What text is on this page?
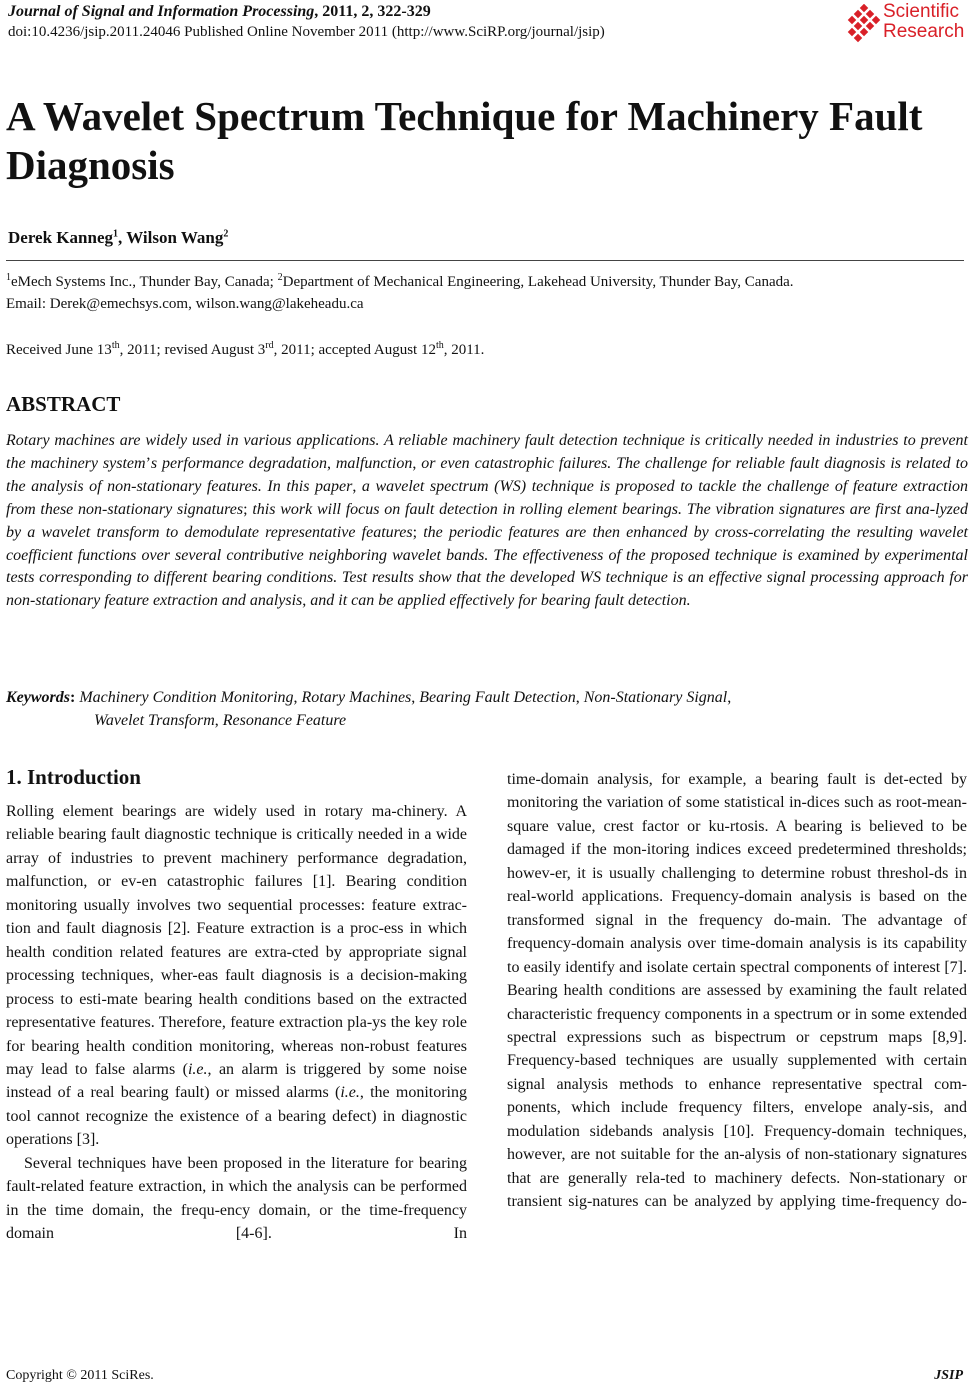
Journal of Signal and Information Processing, 2011, 2, 322-329
doi:10.4236/jsip.2011.24046 Published Online November 2011 (http://www.SciRP.org/journal/jsip)
Scientific
Research
A Wavelet Spectrum Technique for Machinery Fault Diagnosis
Derek Kanneg$^1$, Wilson Wang$^2$
$^1$eMech Systems Inc., Thunder Bay, Canada; $^2$Department of Mechanical Engineering, Lakehead University, Thunder Bay, Canada.
Email: Derek@emechsys.com, wilson.wang@lakeheadu.ca
Received June 13th, 2011; revised August 3rd, 2011; accepted August 12th, 2011.
ABSTRACT

Rotary machines are widely used in various applications. A reliable machinery fault detection technique is critically needed in industries to prevent the machinery system’s performance degradation, malfunction, or even catastrophic failures. The challenge for reliable fault diagnosis is related to the analysis of non-stationary features. In this paper, a wavelet spectrum (WS) technique is proposed to tackle the challenge of feature extraction from these non-stationary signatures; this work will focus on fault detection in rolling element bearings. The vibration signatures are first ana-lyzed by a wavelet transform to demodulate representative features; the periodic features are then enhanced by cross-correlating the resulting wavelet coefficient functions over several contributive neighboring wavelet bands. The effectiveness of the proposed technique is examined by experimental tests corresponding to different bearing conditions. Test results show that the developed WS technique is an effective signal processing approach for non-stationary feature extraction and analysis, and it can be applied effectively for bearing fault detection.

Keywords: Machinery Condition Monitoring, Rotary Machines, Bearing Fault Detection, Non-Stationary Signal,
Wavelet Transform, Resonance Feature
1. Introduction

Rolling element bearings are widely used in rotary ma-chinery. A reliable bearing fault diagnostic technique is critically needed in a wide array of industries to prevent machinery performance degradation, malfunction, or ev-en catastrophic failures [1]. Bearing condition monitoring usually involves two sequential processes: feature extrac-tion and fault diagnosis [2]. Feature extraction is a proc-ess in which health condition related features are extra-cted by appropriate signal processing techniques, wher-eas fault diagnosis is a decision-making process to esti-mate bearing health conditions based on the extracted representative features. Therefore, feature extraction pla-ys the key role for bearing health condition monitoring, whereas non-robust features may lead to false alarms (i.e., an alarm is triggered by some noise instead of a real bearing fault) or missed alarms (i.e., the monitoring tool cannot recognize the existence of a bearing defect) in diagnostic operations [3].

Several techniques have been proposed in the literature for bearing fault-related feature extraction, in which the analysis can be performed in the time domain, the frequ-ency domain, or the time-frequency domain [4-6]. In

time-domain analysis, for example, a bearing fault is det-ected by monitoring the variation of some statistical in-dices such as root-mean-square value, crest factor or ku-rtosis. A bearing is believed to be damaged if the mon-itoring indices exceed predetermined thresholds; howev-er, it is usually challenging to determine robust threshol-ds in real-world applications. Frequency-domain analysis is based on the transformed signal in the frequency do-main. The advantage of frequency-domain analysis over time-domain analysis is its capability to easily identify and isolate certain spectral components of interest [7]. Bearing health conditions are assessed by examining the fault related characteristic frequency components in a spectrum or in some extended spectral expressions such as bispectrum or cepstrum maps [8,9]. Frequency-based techniques are usually supplemented with certain signal analysis methods to enhance representative spectral com-ponents, which include frequency filters, envelope analy-sis, and modulation sidebands analysis [10]. Frequency-domain techniques, however, are not suitable for the an-alysis of non-stationary signatures that are generally rela-ted to machinery defects. Non-stationary or transient sig-natures can be analyzed by applying time-frequency do-

Copyright © 2011 SciRes.	JSIP
